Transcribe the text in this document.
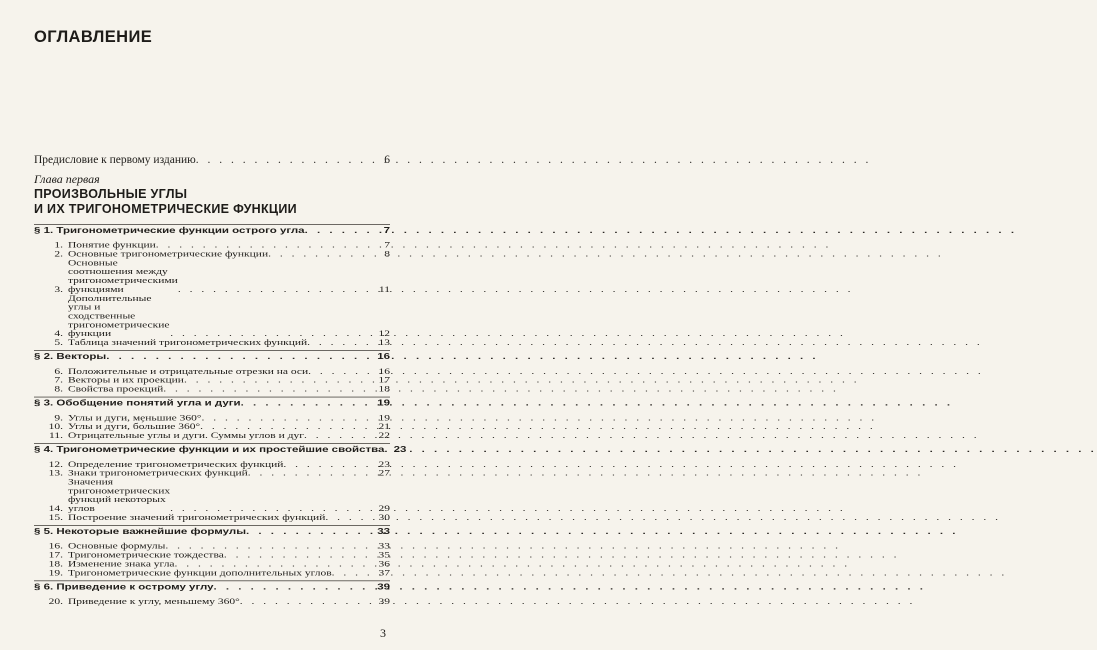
ОГЛАВЛЕНИЕ
Предисловие к первому изданию . . .	6
Глава первая
ПРОИЗВОЛЬНЫЕ УГЛЫ
И ИХ ТРИГОНОМЕТРИЧЕСКИЕ ФУНКЦИИ
§ 1. Тригонометрические функции острого угла . . .	7
1. Понятие функции . . .	7
2. Основные тригонометрические функции . . .	8
3.
Основные соотношения между тригонометрическими функциями . . .	11
4.
Дополнительные углы и сходственные тригонометрические функции . . .	12
5. Таблица значений тригонометрических функций . . .	13
§ 2. Векторы . . .	16
6. Положительные и отрицательные отрезки на оси . . .	16
7. Векторы и их проекции . . .	17
8. Свойства проекций . . .	18
§ 3. Обобщение понятий угла и дуги . . .	19
9. Углы и дуги, меньшие 360° . . .	19
10. Углы и дуги, бо́льшие 360° . . .	21
11. Отрицательные углы и дуги. Суммы углов и дуг . . .	22
§ 4. Тригонометрические функции и их простейшие свойства . . . 23
12. Определение тригонометрических функций . . .	23
13. Знаки тригонометрических функций . . .	27
14.
Значения тригонометрических функций некоторых углов . . .	29
15. Построение значений тригонометрических функций . . .	30
§ 5. Некоторые важнейшие формулы . . .	33
16. Основные формулы . . .	33
17. Тригонометрические тождества . . .	35
18. Изменение знака угла . . .	36
19. Тригонометрические функции дополнительных углов . . .	37
§ 6. Приведение к острому углу . . .	39
20. Приведение к углу, меньшему 360° . . .	39
3
